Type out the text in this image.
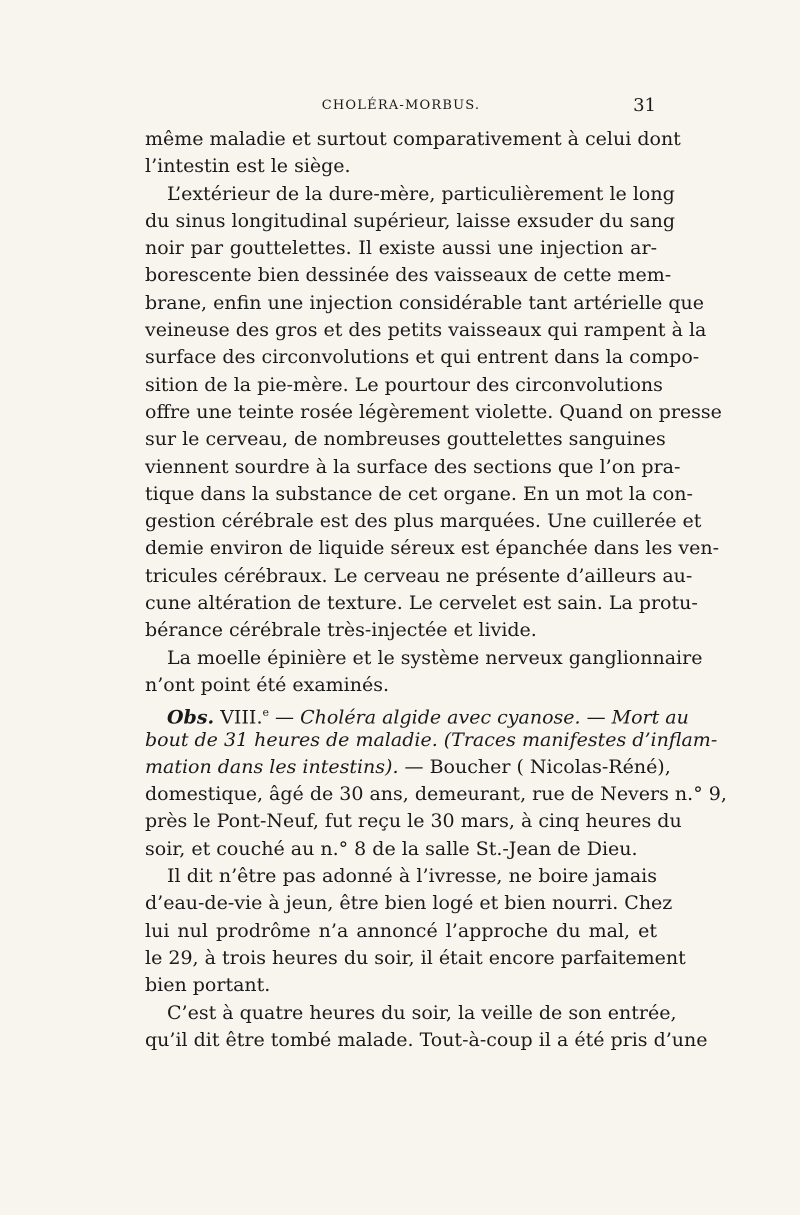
CHOLÉRA-MORBUS.	31
même maladie et surtout comparativement à celui dont
l’intestin est le siège.
L’extérieur de la dure-mère, particulièrement le long
du sinus longitudinal supérieur, laisse exsuder du sang
noir par gouttelettes. Il existe aussi une injection ar-
borescente bien dessinée des vaisseaux de cette mem-
brane, enfin une injection considérable tant artérielle que
veineuse des gros et des petits vaisseaux qui rampent à la
surface des circonvolutions et qui entrent dans la compo-
sition de la pie-mère. Le pourtour des circonvolutions
offre une teinte rosée légèrement violette. Quand on presse
sur le cerveau, de nombreuses gouttelettes sanguines
viennent sourdre à la surface des sections que l’on pra-
tique dans la substance de cet organe. En un mot la con-
gestion cérébrale est des plus marquées. Une cuillerée et
demie environ de liquide séreux est épanchée dans les ven-
tricules cérébraux. Le cerveau ne présente d’ailleurs au-
cune altération de texture. Le cervelet est sain. La protu-
bérance cérébrale très-injectée et livide.
La moelle épinière et le système nerveux ganglionnaire
n’ont point été examinés.
Obs. VIII.$^e$ — Choléra algide avec cyanose. — Mort au
bout de 31 heures de maladie. (Traces manifestes d’inflam-
mation dans les intestins). — Boucher ( Nicolas-Réné),
domestique, âgé de 30 ans, demeurant, rue de Nevers n.° 9,
près le Pont-Neuf, fut reçu le 30 mars, à cinq heures du
soir, et couché au n.° 8 de la salle St.-Jean de Dieu.
Il dit n’être pas adonné à l’ivresse, ne boire jamais
d’eau-de-vie à jeun, être bien logé et bien nourri. Chez
lui nul prodrôme n’a annoncé l’approche du mal, et
le 29, à trois heures du soir, il était encore parfaitement
bien portant.
C’est à quatre heures du soir, la veille de son entrée,
qu’il dit être tombé malade. Tout-à-coup il a été pris d’une
